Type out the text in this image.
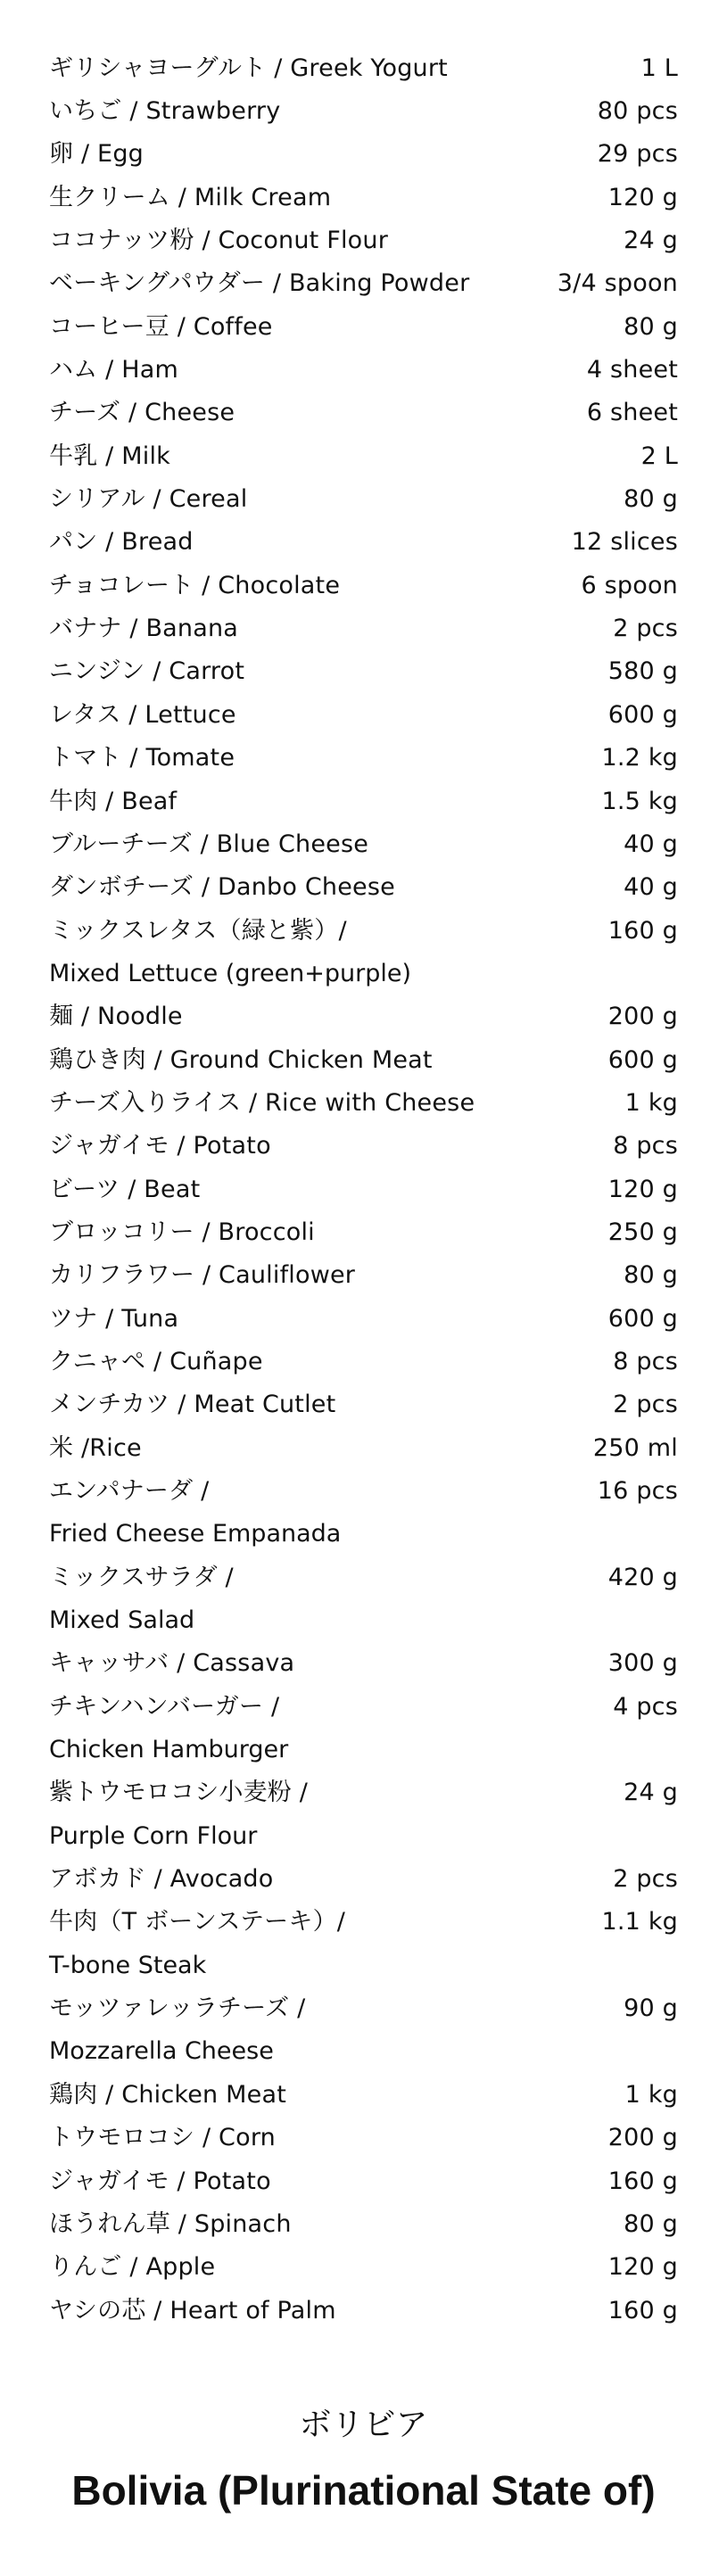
ギリシャヨーグルト / Greek Yogurt	1 L
いちご / Strawberry	80 pcs
卵 / Egg	29 pcs
生クリーム / Milk Cream	120 g
ココナッツ粉 / Coconut Flour	24 g
ベーキングパウダー / Baking Powder	3/4 spoon
コーヒー豆 / Coffee	80 g
ハム / Ham	4 sheet
チーズ / Cheese	6 sheet
牛乳 / Milk	2 L
シリアル / Cereal	80 g
パン / Bread	12 slices
チョコレート / Chocolate	6 spoon
バナナ / Banana	2 pcs
ニンジン / Carrot	580 g
レタス / Lettuce	600 g
トマト / Tomate	1.2 kg
牛肉 / Beaf	1.5 kg
ブルーチーズ / Blue Cheese	40 g
ダンボチーズ / Danbo Cheese	40 g
ミックスレタス（緑と紫）/	160 g
Mixed Lettuce (green+purple)
麺 / Noodle	200 g
鶏ひき肉 / Ground Chicken Meat	600 g
チーズ入りライス / Rice with Cheese	1 kg
ジャガイモ / Potato	8 pcs
ビーツ / Beat	120 g
ブロッコリー / Broccoli	250 g
カリフラワー / Cauliflower	80 g
ツナ / Tuna	600 g
クニャペ / Cuñape	8 pcs
メンチカツ / Meat Cutlet	2 pcs
米 /Rice	250 ml
エンパナーダ /	16 pcs
Fried Cheese Empanada
ミックスサラダ /	420 g
Mixed Salad
キャッサバ / Cassava	300 g
チキンハンバーガー /	4 pcs
Chicken Hamburger
紫トウモロコシ小麦粉 /	24 g
Purple Corn Flour
アボカド / Avocado	2 pcs
牛肉（T ボーンステーキ）/	1.1 kg
T-bone Steak
モッツァレッラチーズ /	90 g
Mozzarella Cheese
鶏肉 / Chicken Meat	1 kg
トウモロコシ / Corn	200 g
ジャガイモ / Potato	160 g
ほうれん草 / Spinach	80 g
りんご / Apple	120 g
ヤシの芯 / Heart of Palm	160 g
ボリビア
Bolivia (Plurinational State of)
